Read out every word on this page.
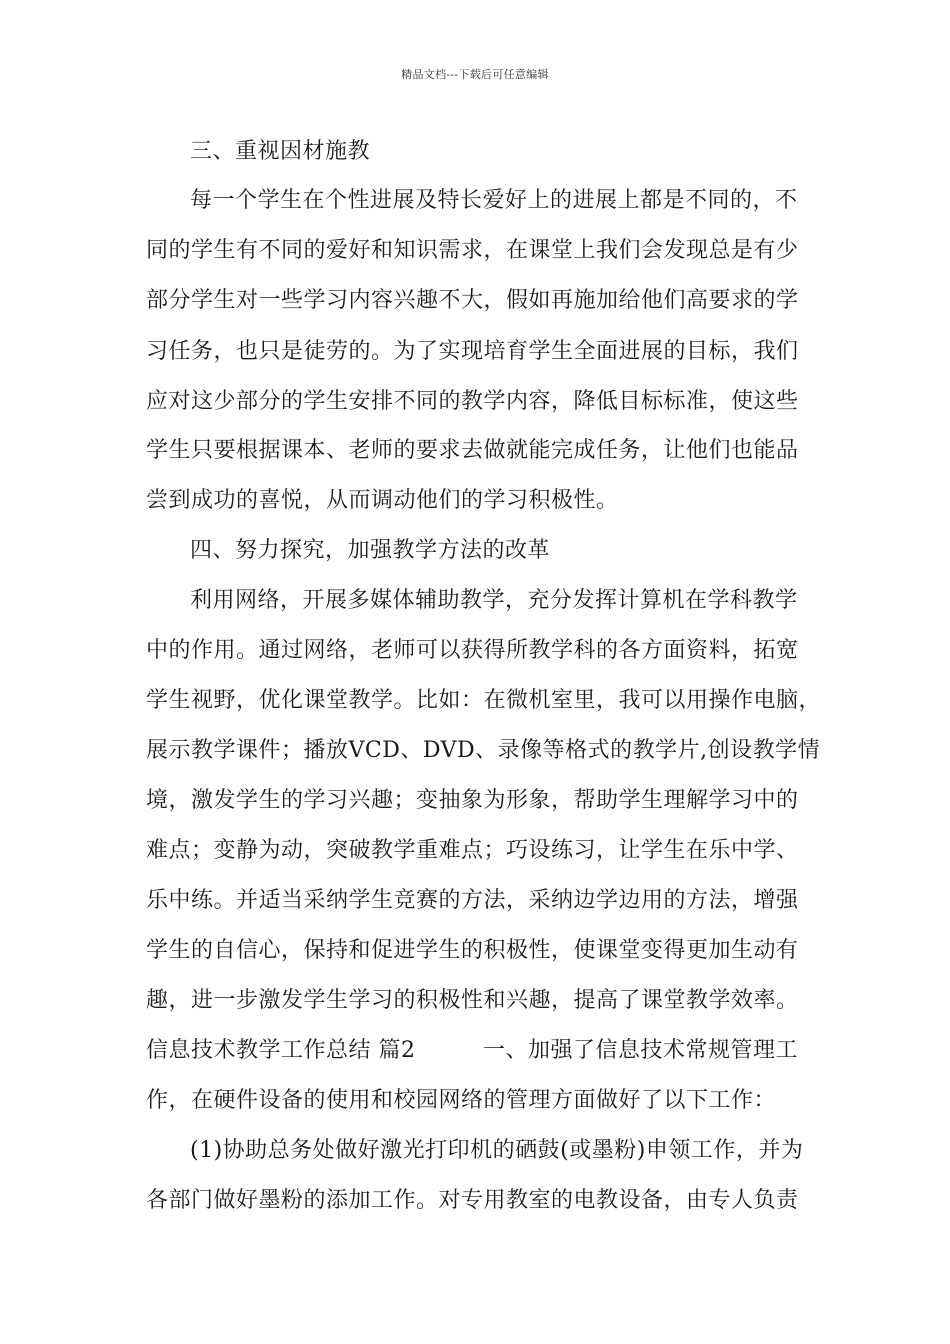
精品文档---下载后可任意编辑
三、重视因材施教
每一个学生在个性进展及特长爱好上的进展上都是不同的，不
同的学生有不同的爱好和知识需求，在课堂上我们会发现总是有少
部分学生对一些学习内容兴趣不大，假如再施加给他们高要求的学
习任务，也只是徒劳的。为了实现培育学生全面进展的目标，我们
应对这少部分的学生安排不同的教学内容，降低目标标准，使这些
学生只要根据课本、老师的要求去做就能完成任务，让他们也能品
尝到成功的喜悦，从而调动他们的学习积极性。
四、努力探究，加强教学方法的改革
利用网络，开展多媒体辅助教学，充分发挥计算机在学科教学
中的作用。通过网络，老师可以获得所教学科的各方面资料，拓宽
学生视野，优化课堂教学。比如：在微机室里，我可以用操作电脑，
展示教学课件；播放VCD、DVD、录像等格式的教学片,创设教学情
境，激发学生的学习兴趣；变抽象为形象，帮助学生理解学习中的
难点；变静为动，突破教学重难点；巧设练习，让学生在乐中学、
乐中练。并适当采纳学生竞赛的方法，采纳边学边用的方法，增强
学生的自信心，保持和促进学生的积极性，使课堂变得更加生动有
趣，进一步激发学生学习的积极性和兴趣，提高了课堂教学效率。
信息技术教学工作总结 篇2　　　一、加强了信息技术常规管理工
作，在硬件设备的使用和校园网络的管理方面做好了以下工作：
(1)协助总务处做好激光打印机的硒鼓(或墨粉)申领工作，并为
各部门做好墨粉的添加工作。对专用教室的电教设备，由专人负责
